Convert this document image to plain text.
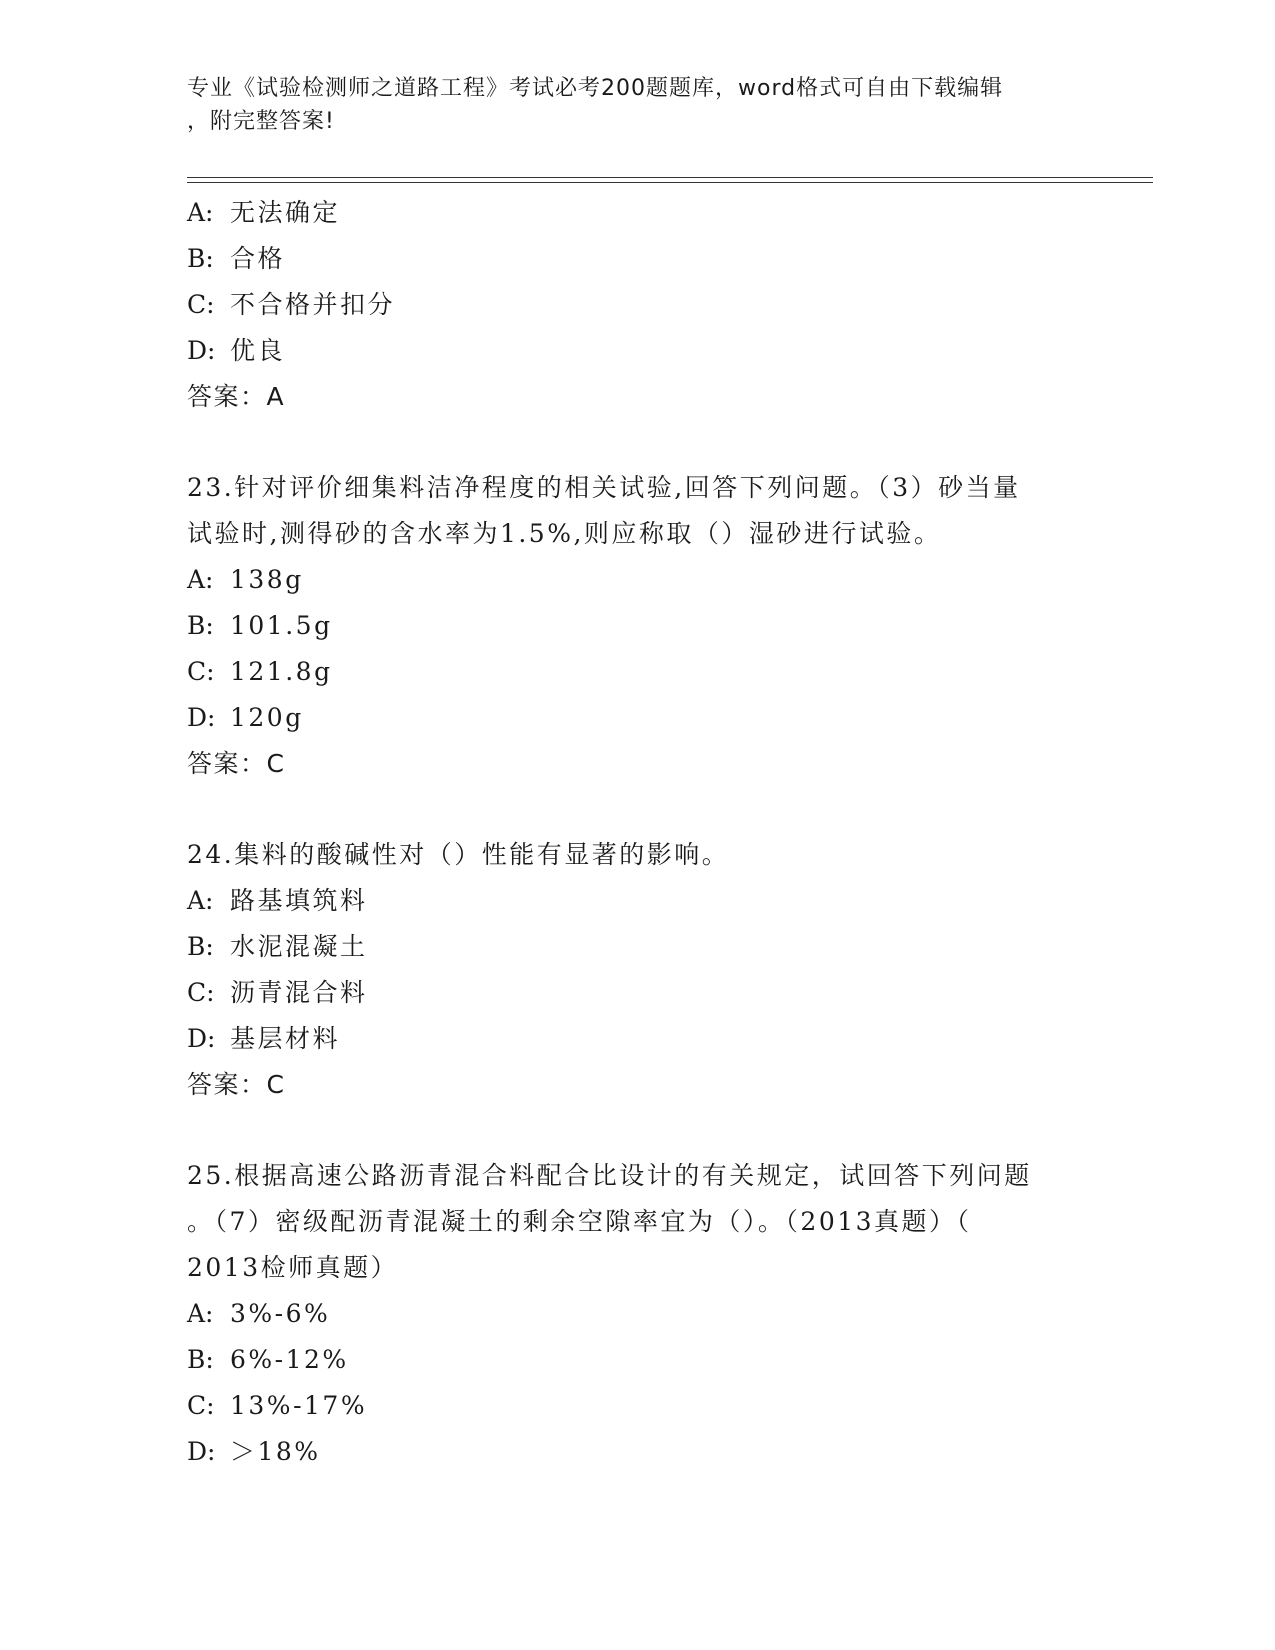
专业《试验检测师之道路工程》考试必考200题题库，word格式可自由下载编辑
，附完整答案!
A: 无法确定
B: 合格
C: 不合格并扣分
D: 优良
答案：A
23.针对评价细集料洁净程度的相关试验,回答下列问题。（3）砂当量
试验时,测得砂的含水率为1.5%,则应称取（）湿砂进行试验。
A: 138g
B: 101.5g
C: 121.8g
D: 120g
答案：C
24.集料的酸碱性对（）性能有显著的影响。
A: 路基填筑料
B: 水泥混凝土
C: 沥青混合料
D: 基层材料
答案：C
25.根据高速公路沥青混合料配合比设计的有关规定，试回答下列问题
。（7）密级配沥青混凝土的剩余空隙率宜为（）。（2013真题）（
2013检师真题）
A: 3%-6%
B: 6%-12%
C: 13%-17%
D: ＞18%
